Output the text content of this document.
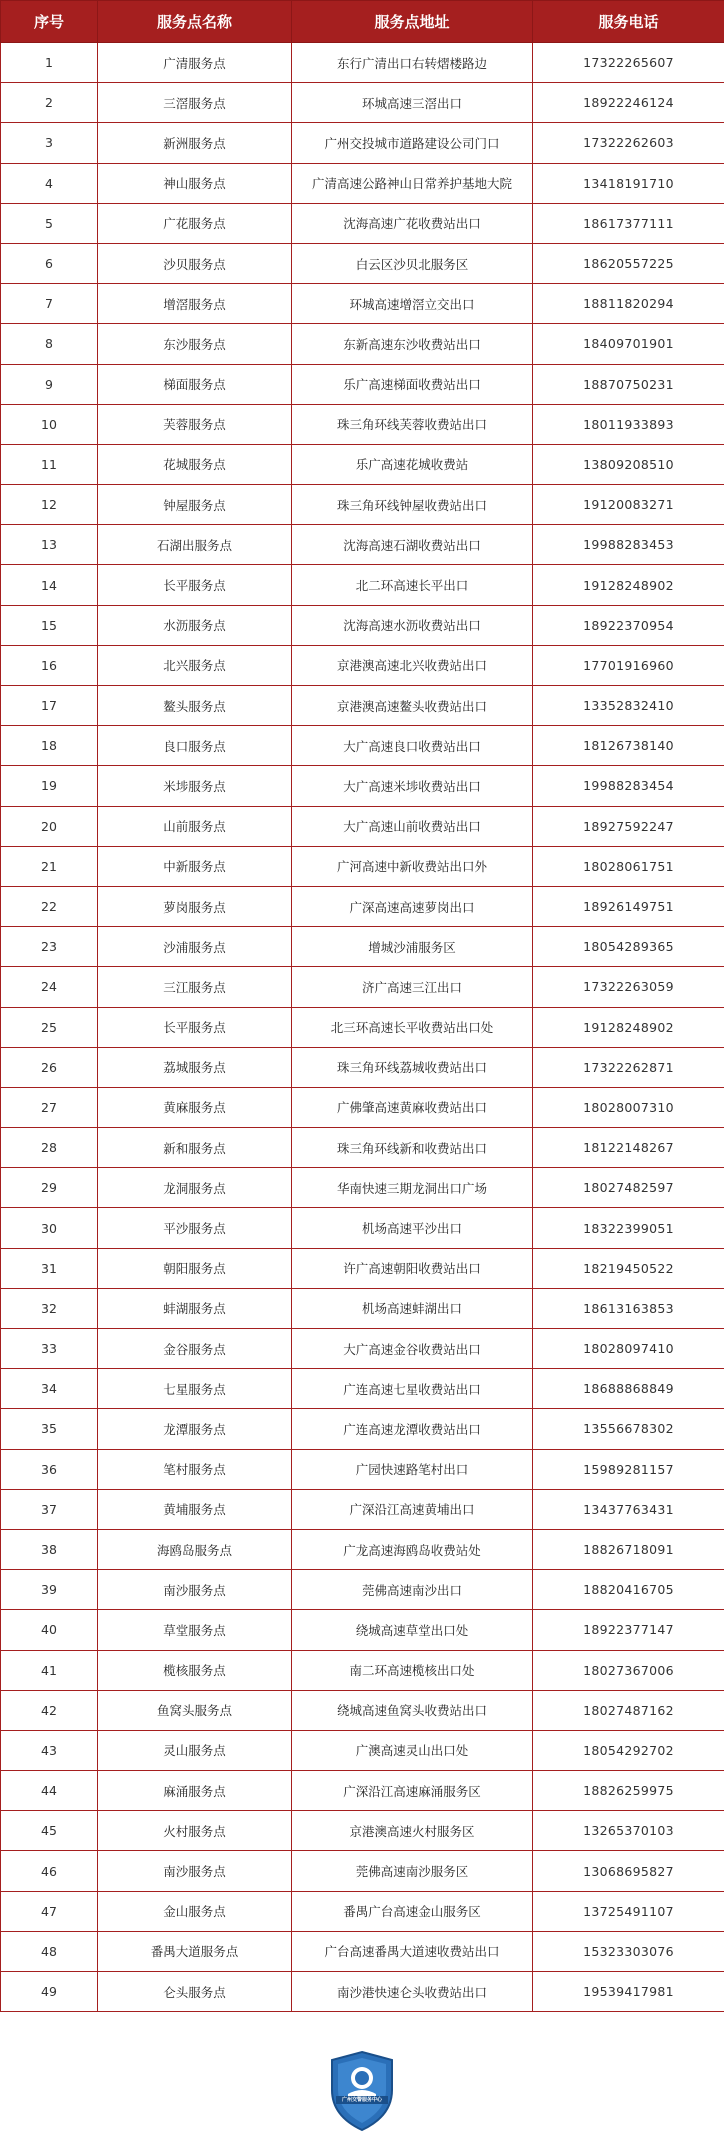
序号	服务点名称	服务点地址	服务电话
1	广清服务点	东行广清出口右转熠楼路边	17322265607
2	三滘服务点	环城高速三滘出口	18922246124
3	新洲服务点	广州交投城市道路建设公司门口	17322262603
4	神山服务点	广清高速公路神山日常养护基地大院	13418191710
5	广花服务点	沈海高速广花收费站出口	18617377111
6	沙贝服务点	白云区沙贝北服务区	18620557225
7	增滘服务点	环城高速增滘立交出口	18811820294
8	东沙服务点	东新高速东沙收费站出口	18409701901
9	梯面服务点	乐广高速梯面收费站出口	18870750231
10	芙蓉服务点	珠三角环线芙蓉收费站出口	18011933893
11	花城服务点	乐广高速花城收费站	13809208510
12	钟屋服务点	珠三角环线钟屋收费站出口	19120083271
13	石湖出服务点	沈海高速石湖收费站出口	19988283453
14	长平服务点	北二环高速长平出口	19128248902
15	水沥服务点	沈海高速水沥收费站出口	18922370954
16	北兴服务点	京港澳高速北兴收费站出口	17701916960
17	鳌头服务点	京港澳高速鳌头收费站出口	13352832410
18	良口服务点	大广高速良口收费站出口	18126738140
19	米埗服务点	大广高速米埗收费站出口	19988283454
20	山前服务点	大广高速山前收费站出口	18927592247
21	中新服务点	广河高速中新收费站出口外	18028061751
22	萝岗服务点	广深高速高速萝岗出口	18926149751
23	沙浦服务点	增城沙浦服务区	18054289365
24	三江服务点	济广高速三江出口	17322263059
25	长平服务点	北三环高速长平收费站出口处	19128248902
26	荔城服务点	珠三角环线荔城收费站出口	17322262871
27	黄麻服务点	广佛肇高速黄麻收费站出口	18028007310
28	新和服务点	珠三角环线新和收费站出口	18122148267
29	龙洞服务点	华南快速三期龙洞出口广场	18027482597
30	平沙服务点	机场高速平沙出口	18322399051
31	朝阳服务点	许广高速朝阳收费站出口	18219450522
32	蚌湖服务点	机场高速蚌湖出口	18613163853
33	金谷服务点	大广高速金谷收费站出口	18028097410
34	七星服务点	广连高速七星收费站出口	18688868849
35	龙潭服务点	广连高速龙潭收费站出口	13556678302
36	笔村服务点	广园快速路笔村出口	15989281157
37	黄埔服务点	广深沿江高速黄埔出口	13437763431
38	海鸥岛服务点	广龙高速海鸥岛收费站处	18826718091
39	南沙服务点	莞佛高速南沙出口	18820416705
40	草堂服务点	绕城高速草堂出口处	18922377147
41	榄核服务点	南二环高速榄核出口处	18027367006
42	鱼窝头服务点	绕城高速鱼窝头收费站出口	18027487162
43	灵山服务点	广澳高速灵山出口处	18054292702
44	麻涌服务点	广深沿江高速麻涌服务区	18826259975
45	火村服务点	京港澳高速火村服务区	13265370103
46	南沙服务点	莞佛高速南沙服务区	13068695827
47	金山服务点	番禺广台高速金山服务区	13725491107
48	番禺大道服务点	广台高速番禺大道速收费站出口	15323303076
49	仑头服务点	南沙港快速仑头收费站出口	19539417981
广州交警服务中心
